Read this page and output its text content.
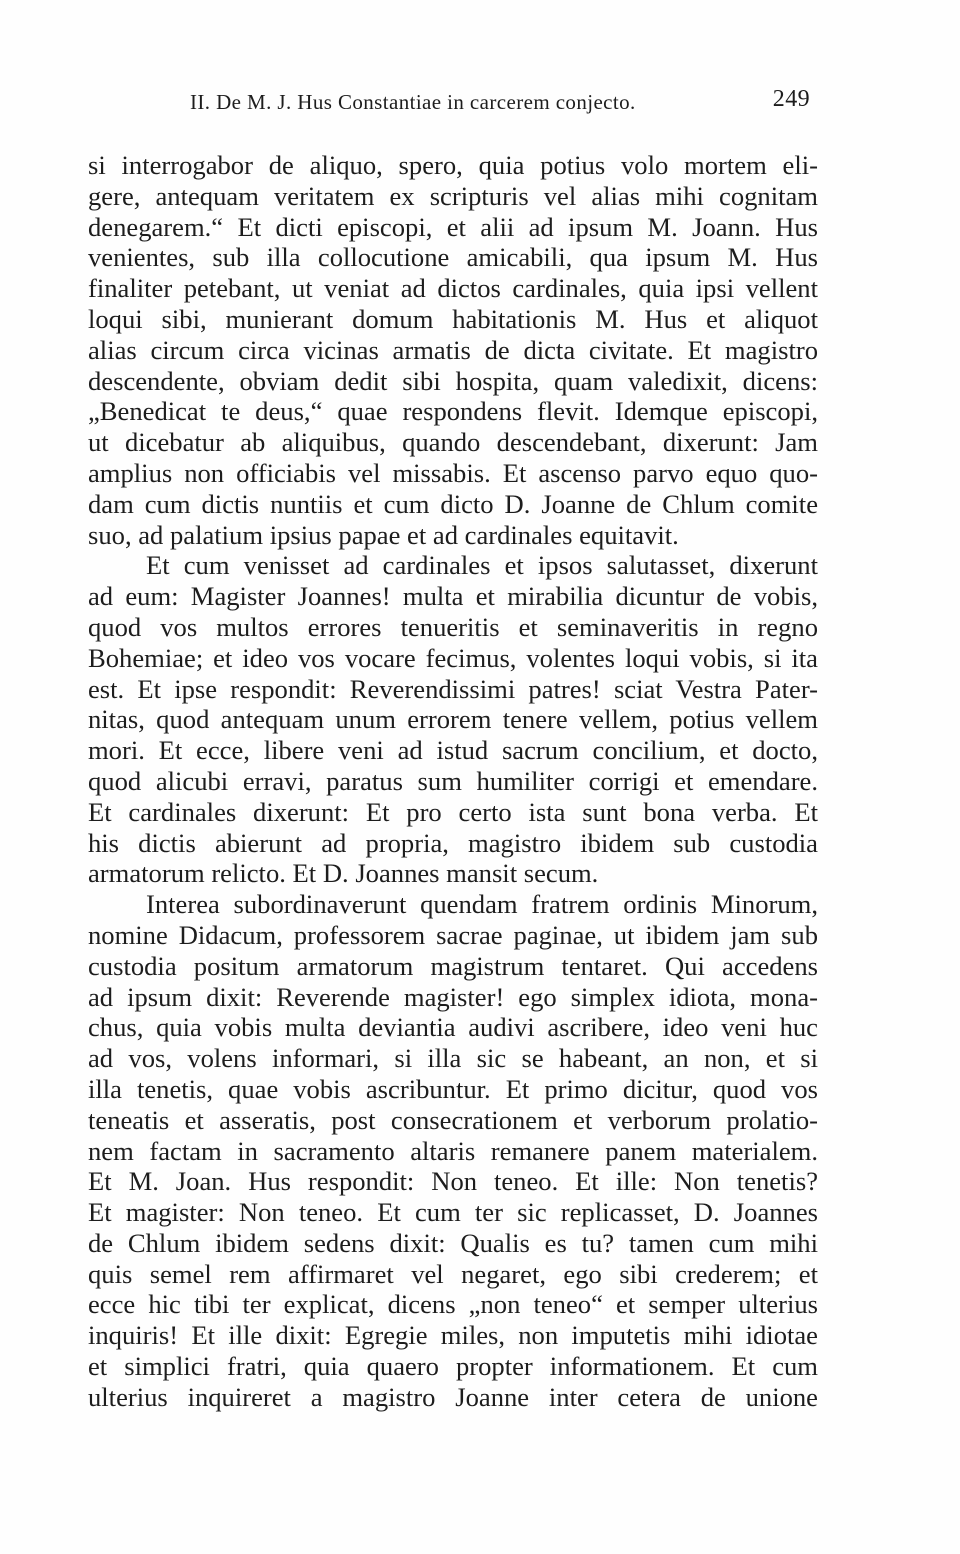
II. De M. J. Hus Constantiae in carcerem conjecto.	249
si interrogabor de aliquo, spero, quia potius volo mortem eli-
gere, antequam veritatem ex scripturis vel alias mihi cognitam
denegarem.“ Et dicti episcopi, et alii ad ipsum M. Joann. Hus
venientes, sub illa collocutione amicabili, qua ipsum M. Hus
finaliter petebant, ut veniat ad dictos cardinales, quia ipsi vellent
loqui sibi, munierant domum habitationis M. Hus et aliquot
alias circum circa vicinas armatis de dicta civitate. Et magistro
descendente, obviam dedit sibi hospita, quam valedixit, dicens:
„Benedicat te deus,“ quae respondens flevit. Idemque episcopi,
ut dicebatur ab aliquibus, quando descendebant, dixerunt: Jam
amplius non officiabis vel missabis. Et ascenso parvo equo quo-
dam cum dictis nuntiis et cum dicto D. Joanne de Chlum comite
suo, ad palatium ipsius papae et ad cardinales equitavit.
Et cum venisset ad cardinales et ipsos salutasset, dixerunt
ad eum: Magister Joannes! multa et mirabilia dicuntur de vobis,
quod vos multos errores tenueritis et seminaveritis in regno
Bohemiae; et ideo vos vocare fecimus, volentes loqui vobis, si ita
est. Et ipse respondit: Reverendissimi patres! sciat Vestra Pater-
nitas, quod antequam unum errorem tenere vellem, potius vellem
mori. Et ecce, libere veni ad istud sacrum concilium, et docto,
quod alicubi erravi, paratus sum humiliter corrigi et emendare.
Et cardinales dixerunt: Et pro certo ista sunt bona verba. Et
his dictis abierunt ad propria, magistro ibidem sub custodia
armatorum relicto. Et D. Joannes mansit secum.
Interea subordinaverunt quendam fratrem ordinis Minorum,
nomine Didacum, professorem sacrae paginae, ut ibidem jam sub
custodia positum armatorum magistrum tentaret. Qui accedens
ad ipsum dixit: Reverende magister! ego simplex idiota, mona-
chus, quia vobis multa deviantia audivi ascribere, ideo veni huc
ad vos, volens informari, si illa sic se habeant, an non, et si
illa tenetis, quae vobis ascribuntur. Et primo dicitur, quod vos
teneatis et asseratis, post consecrationem et verborum prolatio-
nem factam in sacramento altaris remanere panem materialem.
Et M. Joan. Hus respondit: Non teneo. Et ille: Non tenetis?
Et magister: Non teneo. Et cum ter sic replicasset, D. Joannes
de Chlum ibidem sedens dixit: Qualis es tu? tamen cum mihi
quis semel rem affirmaret vel negaret, ego sibi crederem; et
ecce hic tibi ter explicat, dicens „non teneo“ et semper ulterius
inquiris! Et ille dixit: Egregie miles, non imputetis mihi idiotae
et simplici fratri, quia quaero propter informationem. Et cum
ulterius inquireret a magistro Joanne inter cetera de unione
